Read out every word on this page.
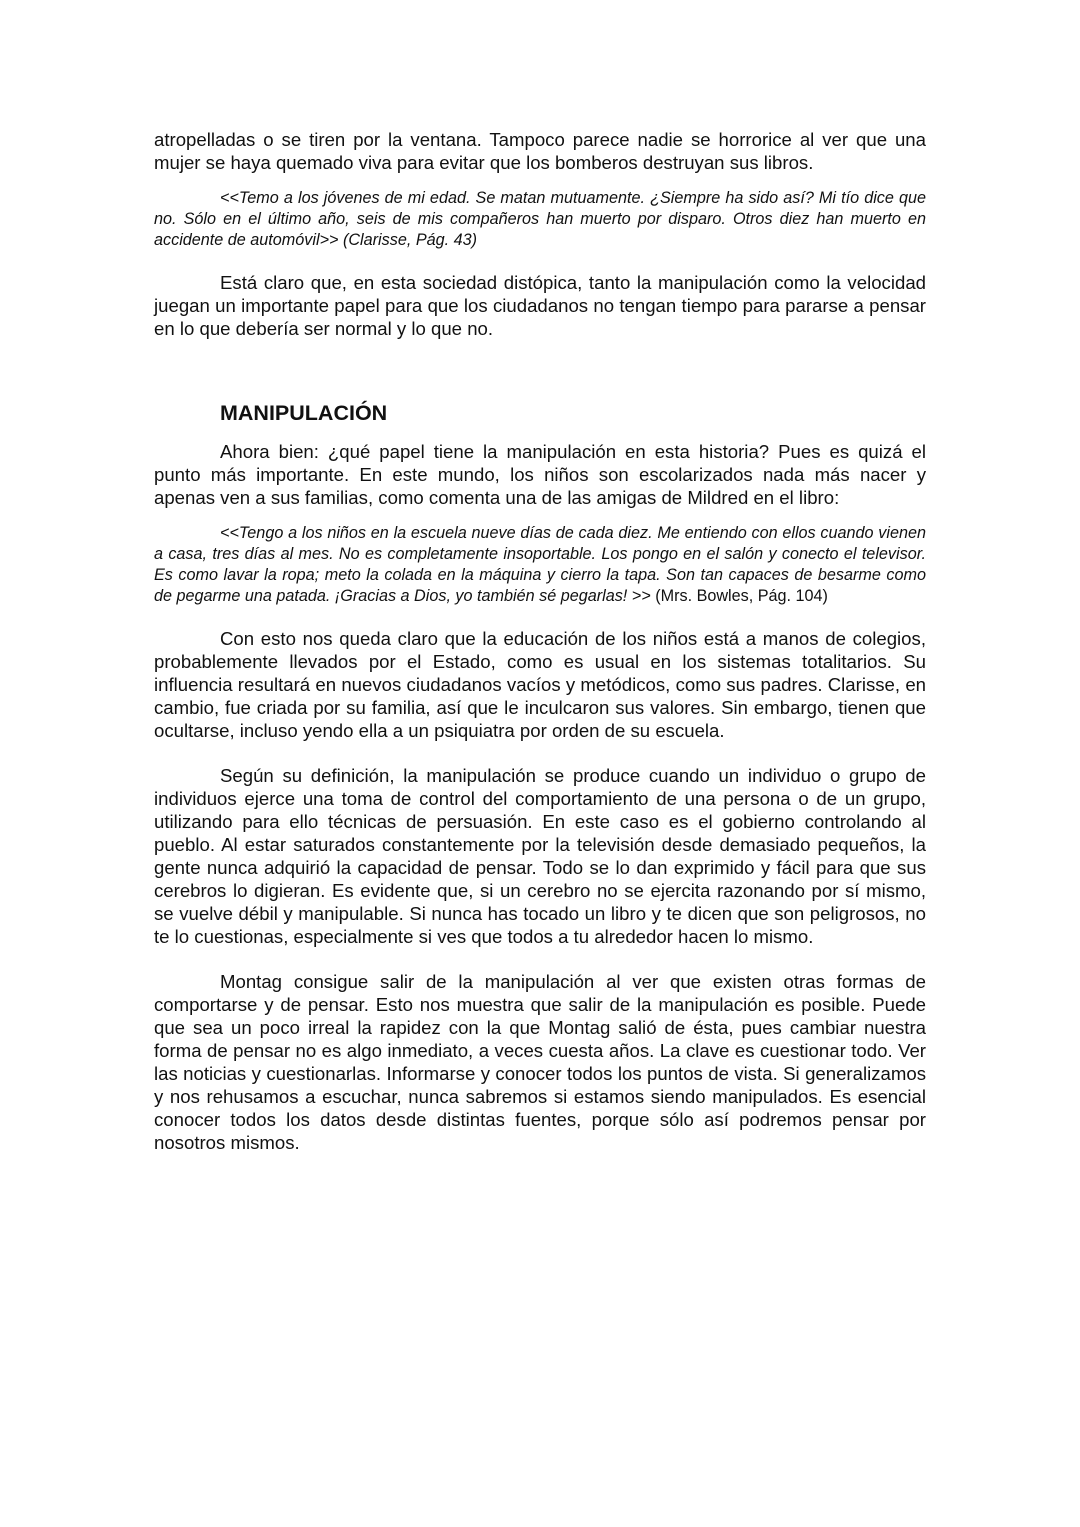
atropelladas o se tiren por la ventana. Tampoco parece nadie se horrorice al ver que una mujer se haya quemado viva para evitar que los bomberos destruyan sus libros.

<<Temo a los jóvenes de mi edad. Se matan mutuamente. ¿Siempre ha sido así? Mi tío dice que no. Sólo en el último año, seis de mis compañeros han muerto por disparo. Otros diez han muerto en accidente de automóvil>> (Clarisse, Pág. 43)

Está claro que, en esta sociedad distópica, tanto la manipulación como la velocidad juegan un importante papel para que los ciudadanos no tengan tiempo para pararse a pensar en lo que debería ser normal y lo que no.

MANIPULACIÓN

Ahora bien: ¿qué papel tiene la manipulación en esta historia? Pues es quizá el punto más importante. En este mundo, los niños son escolarizados nada más nacer y apenas ven a sus familias, como comenta una de las amigas de Mildred en el libro:

<<Tengo a los niños en la escuela nueve días de cada diez. Me entiendo con ellos cuando vienen a casa, tres días al mes. No es completamente insoportable. Los pongo en el salón y conecto el televisor. Es como lavar la ropa; meto la colada en la máquina y cierro la tapa. Son tan capaces de besarme como de pegarme una patada. ¡Gracias a Dios, yo también sé pegarlas! >> (Mrs. Bowles, Pág. 104)

Con esto nos queda claro que la educación de los niños está a manos de colegios, probablemente llevados por el Estado, como es usual en los sistemas totalitarios. Su influencia resultará en nuevos ciudadanos vacíos y metódicos, como sus padres. Clarisse, en cambio, fue criada por su familia, así que le inculcaron sus valores. Sin embargo, tienen que ocultarse, incluso yendo ella a un psiquiatra por orden de su escuela.

Según su definición, la manipulación se produce cuando un individuo o grupo de individuos ejerce una toma de control del comportamiento de una persona o de un grupo, utilizando para ello técnicas de persuasión. En este caso es el gobierno controlando al pueblo. Al estar saturados constantemente por la televisión desde demasiado pequeños, la gente nunca adquirió la capacidad de pensar. Todo se lo dan exprimido y fácil para que sus cerebros lo digieran. Es evidente que, si un cerebro no se ejercita razonando por sí mismo, se vuelve débil y manipulable. Si nunca has tocado un libro y te dicen que son peligrosos, no te lo cuestionas, especialmente si ves que todos a tu alrededor hacen lo mismo.

Montag consigue salir de la manipulación al ver que existen otras formas de comportarse y de pensar. Esto nos muestra que salir de la manipulación es posible. Puede que sea un poco irreal la rapidez con la que Montag salió de ésta, pues cambiar nuestra forma de pensar no es algo inmediato, a veces cuesta años. La clave es cuestionar todo. Ver las noticias y cuestionarlas. Informarse y conocer todos los puntos de vista. Si generalizamos y nos rehusamos a escuchar, nunca sabremos si estamos siendo manipulados. Es esencial conocer todos los datos desde distintas fuentes, porque sólo así podremos pensar por nosotros mismos.
